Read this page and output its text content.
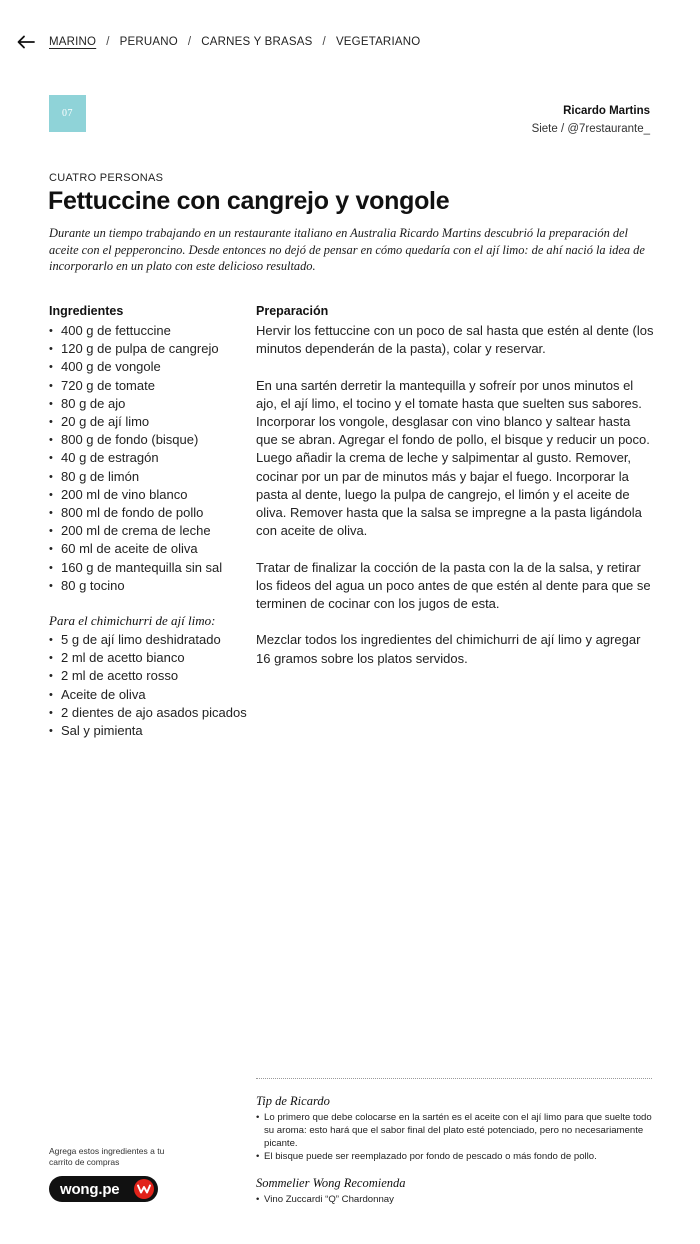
MARINO / PERUANO / CARNES Y BRASAS / VEGETARIANO
07	Ricardo Martins
Siete / @7restaurante_
CUATRO PERSONAS
Fettuccine con cangrejo y vongole

Durante un tiempo trabajando en un restaurante italiano en Australia Ricardo Martins descubrió la preparación del aceite con el pepperoncino. Desde entonces no dejó de pensar en cómo quedaría con el ají limo: de ahí nació la idea de incorporarlo en un plato con este delicioso resultado.

Ingredientes
• 400 g de fettuccine
• 120 g de pulpa de cangrejo
• 400 g de vongole
• 720 g de tomate
• 80 g de ajo
• 20 g de ají limo
• 800 g de fondo (bisque)
• 40 g de estragón
• 80 g de limón
• 200 ml de vino blanco
• 800 ml de fondo de pollo
• 200 ml de crema de leche
• 60 ml de aceite de oliva
• 160 g de mantequilla sin sal
• 80 g tocino
Para el chimichurri de ají limo:
• 5 g de ají limo deshidratado
• 2 ml de acetto bianco
• 2 ml de acetto rosso
• Aceite de oliva
• 2 dientes de ajo asados picados
• Sal y pimienta
Preparación

Hervir los fettuccine con un poco de sal hasta que estén al dente (los minutos dependerán de la pasta), colar y reservar.

En una sartén derretir la mantequilla y sofreír por unos minutos el ajo, el ají limo, el tocino y el tomate hasta que suelten sus sabores. Incorporar los vongole, desglasar con vino blanco y saltear hasta que se abran. Agregar el fondo de pollo, el bisque y reducir un poco. Luego añadir la crema de leche y salpimentar al gusto. Remover, cocinar por un par de minutos más y bajar el fuego. Incorporar la pasta al dente, luego la pulpa de cangrejo, el limón y el aceite de oliva. Remover hasta que la salsa se impregne a la pasta ligándola con aceite de oliva.

Tratar de finalizar la cocción de la pasta con la de la salsa, y retirar los fideos del agua un poco antes de que estén al dente para que se terminen de cocinar con los jugos de esta.

Mezclar todos los ingredientes del chimichurri de ají limo y agregar 16 gramos sobre los platos servidos.

Tip de Ricardo
• Lo primero que debe colocarse en la sartén es el aceite con el ají limo para que suelte todo su aroma: esto hará que el sabor final del plato esté potenciado, pero no necesariamente picante.
• El bisque puede ser reemplazado por fondo de pescado o más fondo de pollo.
Sommelier Wong Recomienda
• Vino Zuccardi “Q” Chardonnay
Agrega estos ingredientes a tu carrito de compras
wong.pe
